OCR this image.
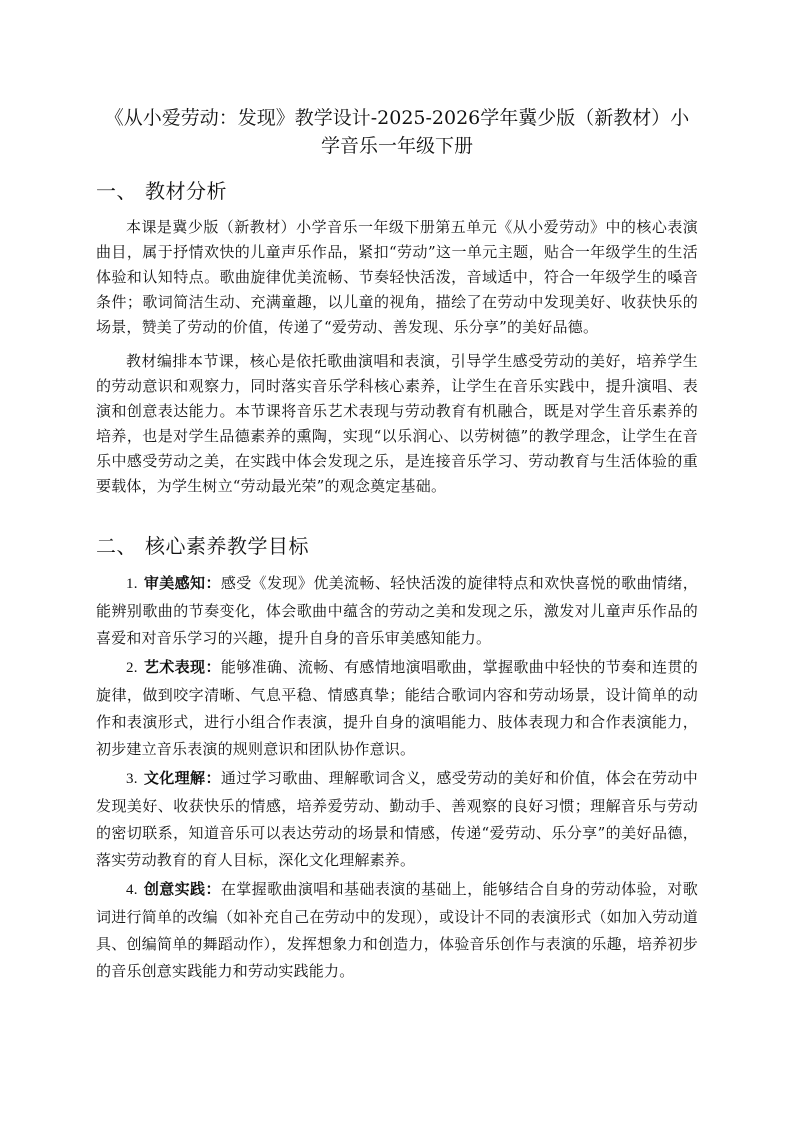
《从小爱劳动：发现》教学设计-2025-2026学年冀少版（新教材）小
学音乐一年级下册
一、 教材分析

本课是冀少版（新教材）小学音乐一年级下册第五单元《从小爱劳动》中的核心表演曲目，属于抒情欢快的儿童声乐作品，紧扣“劳动”这一单元主题，贴合一年级学生的生活体验和认知特点。歌曲旋律优美流畅、节奏轻快活泼，音域适中，符合一年级学生的嗓音条件；歌词简洁生动、充满童趣，以儿童的视角，描绘了在劳动中发现美好、收获快乐的场景，赞美了劳动的价值，传递了“爱劳动、善发现、乐分享”的美好品德。

教材编排本节课，核心是依托歌曲演唱和表演，引导学生感受劳动的美好，培养学生的劳动意识和观察力，同时落实音乐学科核心素养，让学生在音乐实践中，提升演唱、表演和创意表达能力。本节课将音乐艺术表现与劳动教育有机融合，既是对学生音乐素养的培养，也是对学生品德素养的熏陶，实现“以乐润心、以劳树德”的教学理念，让学生在音乐中感受劳动之美，在实践中体会发现之乐，是连接音乐学习、劳动教育与生活体验的重要载体，为学生树立“劳动最光荣”的观念奠定基础。

二、 核心素养教学目标

1. 审美感知：感受《发现》优美流畅、轻快活泼的旋律特点和欢快喜悦的歌曲情绪，能辨别歌曲的节奏变化，体会歌曲中蕴含的劳动之美和发现之乐，激发对儿童声乐作品的喜爱和对音乐学习的兴趣，提升自身的音乐审美感知能力。

2. 艺术表现：能够准确、流畅、有感情地演唱歌曲，掌握歌曲中轻快的节奏和连贯的旋律，做到咬字清晰、气息平稳、情感真挚；能结合歌词内容和劳动场景，设计简单的动作和表演形式，进行小组合作表演，提升自身的演唱能力、肢体表现力和合作表演能力，初步建立音乐表演的规则意识和团队协作意识。

3. 文化理解：通过学习歌曲、理解歌词含义，感受劳动的美好和价值，体会在劳动中发现美好、收获快乐的情感，培养爱劳动、勤动手、善观察的良好习惯；理解音乐与劳动的密切联系，知道音乐可以表达劳动的场景和情感，传递“爱劳动、乐分享”的美好品德，落实劳动教育的育人目标，深化文化理解素养。

4. 创意实践：在掌握歌曲演唱和基础表演的基础上，能够结合自身的劳动体验，对歌词进行简单的改编（如补充自己在劳动中的发现），或设计不同的表演形式（如加入劳动道具、创编简单的舞蹈动作），发挥想象力和创造力，体验音乐创作与表演的乐趣，培养初步的音乐创意实践能力和劳动实践能力。
